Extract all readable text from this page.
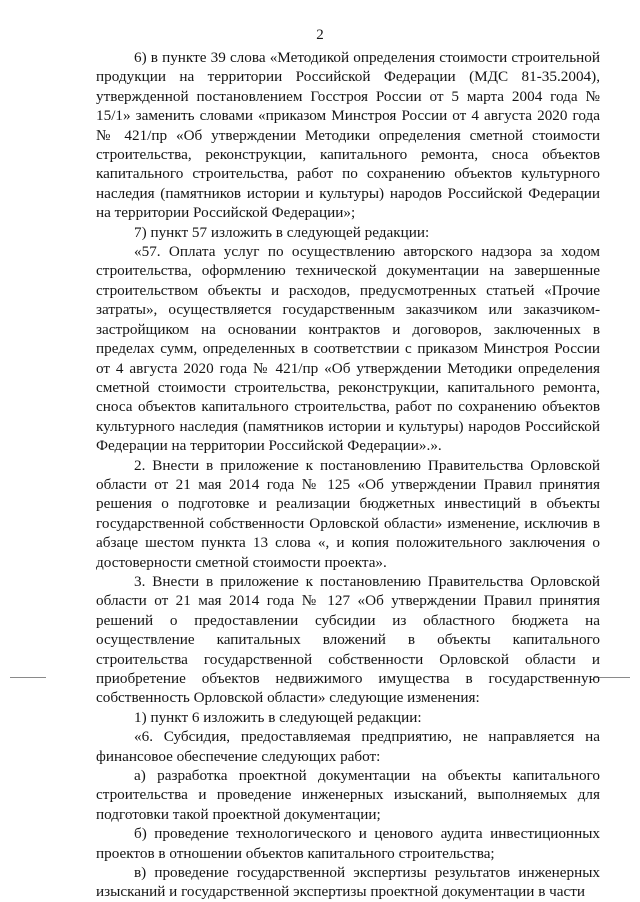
2

6) в пункте 39 слова «Методикой определения стоимости строительной продукции на территории Российской Федерации (МДС 81-35.2004), утвержденной постановлением Госстроя России от 5 марта 2004 года № 15/1» заменить словами «приказом Минстроя России от 4 августа 2020 года № 421/пр «Об утверждении Методики определения сметной стоимости строительства, реконструкции, капитального ремонта, сноса объектов капитального строительства, работ по сохранению объектов культурного наследия (памятников истории и культуры) народов Российской Федерации на территории Российской Федерации»;

7) пункт 57 изложить в следующей редакции:

«57. Оплата услуг по осуществлению авторского надзора за ходом строительства, оформлению технической документации на завершенные строительством объекты и расходов, предусмотренных статьей «Прочие затраты», осуществляется государственным заказчиком или заказчиком-застройщиком на основании контрактов и договоров, заключенных в пределах сумм, определенных в соответствии с приказом Минстроя России от 4 августа 2020 года № 421/пр «Об утверждении Методики определения сметной стоимости строительства, реконструкции, капитального ремонта, сноса объектов капитального строительства, работ по сохранению объектов культурного наследия (памятников истории и культуры) народов Российской Федерации на территории Российской Федерации».».

2. Внести в приложение к постановлению Правительства Орловской области от 21 мая 2014 года № 125 «Об утверждении Правил принятия решения о подготовке и реализации бюджетных инвестиций в объекты государственной собственности Орловской области» изменение, исключив в абзаце шестом пункта 13 слова «, и копия положительного заключения о достоверности сметной стоимости проекта».

3. Внести в приложение к постановлению Правительства Орловской области от 21 мая 2014 года № 127 «Об утверждении Правил принятия решений о предоставлении субсидии из областного бюджета на осуществление капитальных вложений в объекты капитального строительства государственной собственности Орловской области и приобретение объектов недвижимого имущества в государственную собственность Орловской области» следующие изменения:

1) пункт 6 изложить в следующей редакции:

«6. Субсидия, предоставляемая предприятию, не направляется на финансовое обеспечение следующих работ:

а) разработка проектной документации на объекты капитального строительства и проведение инженерных изысканий, выполняемых для подготовки такой проектной документации;

б) проведение технологического и ценового аудита инвестиционных проектов в отношении объектов капитального строительства;

в) проведение государственной экспертизы результатов инженерных изысканий и государственной экспертизы проектной документации в части
